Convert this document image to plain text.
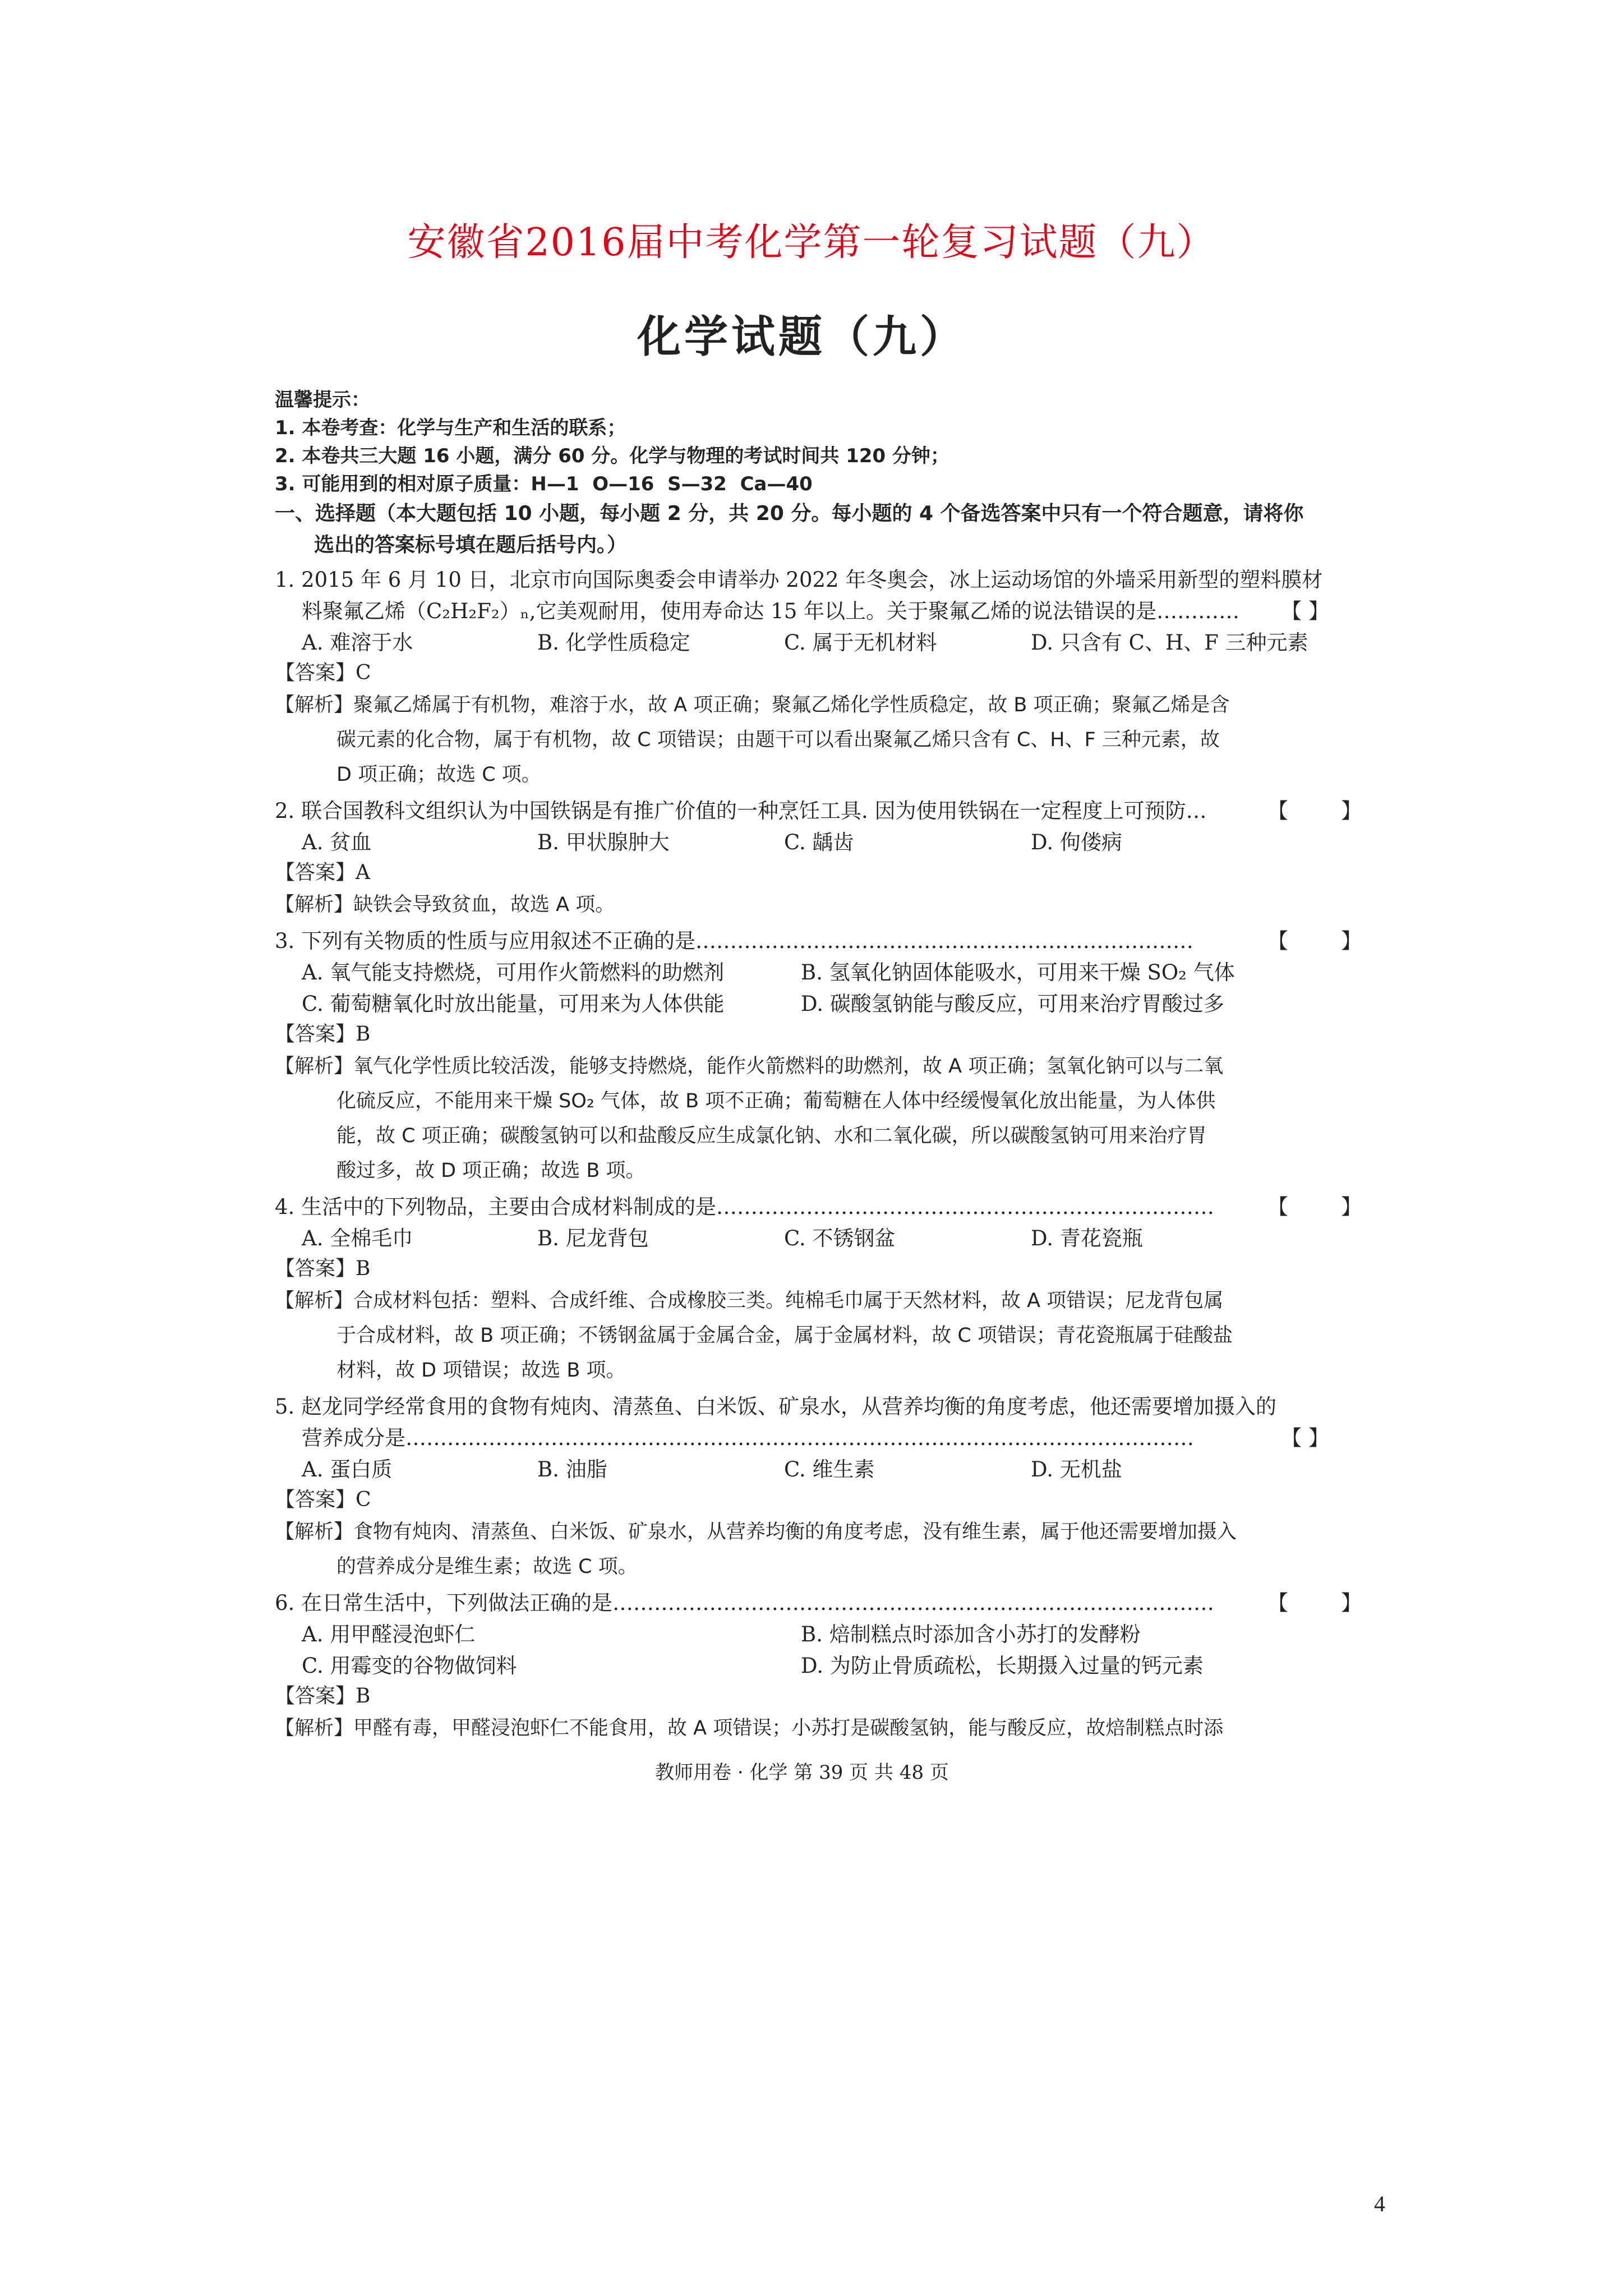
安徽省2016届中考化学第一轮复习试题（九）
化学试题（九）
温馨提示：
1. 本卷考查：化学与生产和生活的联系；
2. 本卷共三大题 16 小题，满分 60 分。化学与物理的考试时间共 120 分钟；
3. 可能用到的相对原子质量：H—1  O—16  S—32  Ca—40
一、选择题（本大题包括 10 小题，每小题 2 分，共 20 分。每小题的 4 个备选答案中只有一个符合题意，请将你
选出的答案标号填在题后括号内。）
1. 2015 年 6 月 10 日，北京市向国际奥委会申请举办 2022 年冬奥会，冰上运动场馆的外墙采用新型的塑料膜材
料聚氟乙烯（C₂H₂F₂）ₙ,它美观耐用，使用寿命达 15 年以上。关于聚氟乙烯的说法错误的是………… 【 】
A. 难溶于水	B. 化学性质稳定	C. 属于无机材料	D. 只含有 C、H、F 三种元素
【答案】C
【解析】聚氟乙烯属于有机物，难溶于水，故 A 项正确；聚氟乙烯化学性质稳定，故 B 项正确；聚氟乙烯是含
碳元素的化合物，属于有机物，故 C 项错误；由题干可以看出聚氟乙烯只含有 C、H、F 三种元素，故
D 项正确；故选 C 项。
2. 联合国教科文组织认为中国铁锅是有推广价值的一种烹饪工具. 因为使用铁锅在一定程度上可预防…	【        】
A. 贫血	B. 甲状腺肿大	C. 龋齿	D. 佝偻病
【答案】A
【解析】缺铁会导致贫血，故选 A 项。
3. 下列有关物质的性质与应用叙述不正确的是………………………………………………………………	【        】
A. 氧气能支持燃烧，可用作火箭燃料的助燃剂	B. 氢氧化钠固体能吸水，可用来干燥 SO₂ 气体
C. 葡萄糖氧化时放出能量，可用来为人体供能	D. 碳酸氢钠能与酸反应，可用来治疗胃酸过多
【答案】B
【解析】氧气化学性质比较活泼，能够支持燃烧，能作火箭燃料的助燃剂，故 A 项正确；氢氧化钠可以与二氧
化硫反应，不能用来干燥 SO₂ 气体，故 B 项不正确；葡萄糖在人体中经缓慢氧化放出能量，为人体供
能，故 C 项正确；碳酸氢钠可以和盐酸反应生成氯化钠、水和二氧化碳，所以碳酸氢钠可用来治疗胃
酸过多，故 D 项正确；故选 B 项。
4. 生活中的下列物品，主要由合成材料制成的是………………………………………………………………	【        】
A. 全棉毛巾	B. 尼龙背包	C. 不锈钢盆	D. 青花瓷瓶
【答案】B
【解析】合成材料包括：塑料、合成纤维、合成橡胶三类。纯棉毛巾属于天然材料，故 A 项错误；尼龙背包属
于合成材料，故 B 项正确；不锈钢盆属于金属合金，属于金属材料，故 C 项错误；青花瓷瓶属于硅酸盐
材料，故 D 项错误；故选 B 项。
5. 赵龙同学经常食用的食物有炖肉、清蒸鱼、白米饭、矿泉水，从营养均衡的角度考虑，他还需要增加摄入的
营养成分是……………………………………………………………………………………………………	【 】
A. 蛋白质	B. 油脂	C. 维生素	D. 无机盐
【答案】C
【解析】食物有炖肉、清蒸鱼、白米饭、矿泉水，从营养均衡的角度考虑，没有维生素，属于他还需要增加摄入
的营养成分是维生素；故选 C 项。
6. 在日常生活中，下列做法正确的是……………………………………………………………………………	【        】
A. 用甲醛浸泡虾仁	B. 焙制糕点时添加含小苏打的发酵粉
C. 用霉变的谷物做饲料	D. 为防止骨质疏松，长期摄入过量的钙元素
【答案】B
【解析】甲醛有毒，甲醛浸泡虾仁不能食用，故 A 项错误；小苏打是碳酸氢钠，能与酸反应，故焙制糕点时添
教师用卷 · 化学 第 39 页 共 48 页
4
